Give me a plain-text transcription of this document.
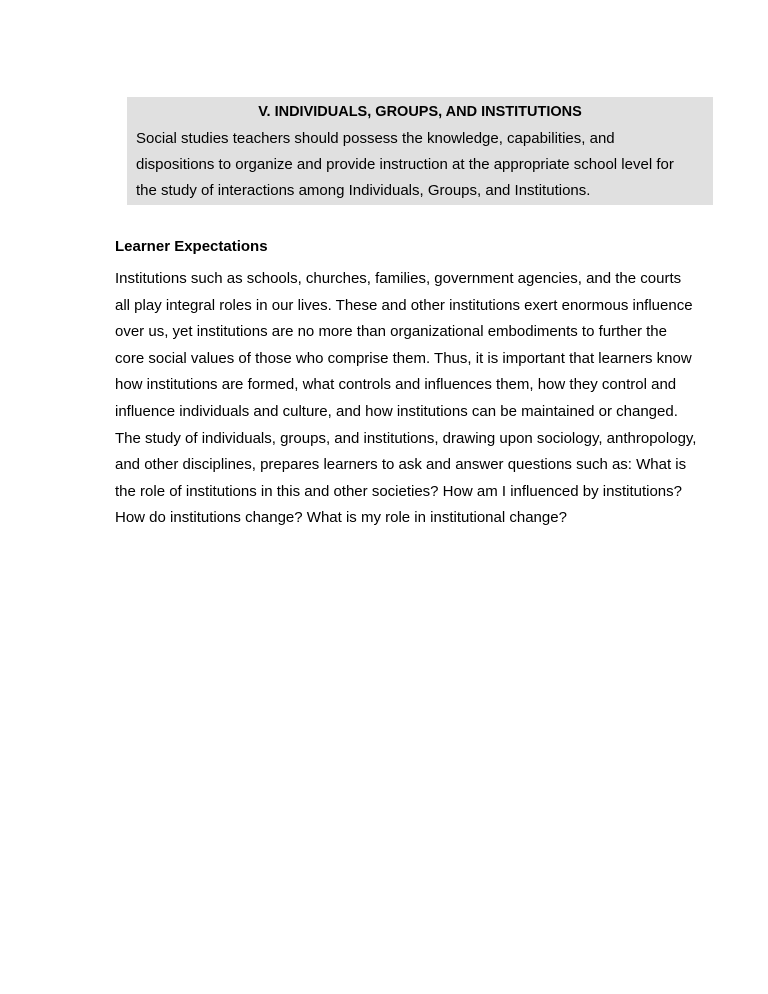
V. INDIVIDUALS, GROUPS, AND INSTITUTIONS
Social studies teachers should possess the knowledge, capabilities, and
dispositions to organize and provide instruction at the appropriate school level for
the study of interactions among Individuals, Groups, and Institutions.
Learner Expectations
Institutions such as schools, churches, families, government agencies, and the courts
all play integral roles in our lives. These and other institutions exert enormous influence
over us, yet institutions are no more than organizational embodiments to further the
core social values of those who comprise them. Thus, it is important that learners know
how institutions are formed, what controls and influences them, how they control and
influence individuals and culture, and how institutions can be maintained or changed.
The study of individuals, groups, and institutions, drawing upon sociology, anthropology,
and other disciplines, prepares learners to ask and answer questions such as: What is
the role of institutions in this and other societies? How am I influenced by institutions?
How do institutions change? What is my role in institutional change?
